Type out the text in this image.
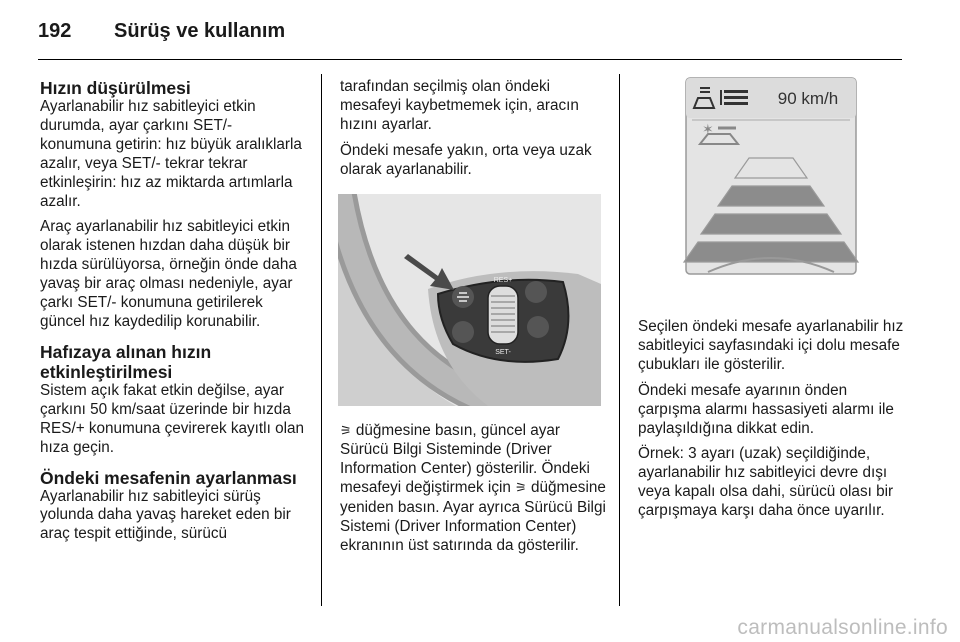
192	Sürüş ve kullanım
Hızın düşürülmesi

Ayarlanabilir hız sabitleyici etkin durumda, ayar çarkını SET/- konumuna getirin: hız büyük aralıklarla azalır, veya SET/- tekrar tekrar etkinleşirin: hız az miktarda artımlarla azalır.

Araç ayarlanabilir hız sabitleyici etkin olarak istenen hızdan daha düşük bir hızda sürülüyorsa, örneğin önde daha yavaş bir araç olması nedeniyle, ayar çarkı SET/- konumuna getirilerek güncel hız kaydedilip korunabilir.

Hafızaya alınan hızın etkinleştirilmesi

Sistem açık fakat etkin değilse, ayar çarkını 50 km/saat üzerinde bir hızda RES/+ konumuna çevirerek kayıtlı olan hıza geçin.

Öndeki mesafenin ayarlanması

Ayarlanabilir hız sabitleyici sürüş yolunda daha yavaş hareket eden bir araç tespit ettiğinde, sürücü

tarafından seçilmiş olan öndeki mesafeyi kaybetmemek için, aracın hızını ayarlar.

Öndeki mesafe yakın, orta veya uzak olarak ayarlanabilir.

RES+
SET-

⚞ düğmesine basın, güncel ayar Sürücü Bilgi Sisteminde (Driver Information Center) gösterilir. Öndeki mesafeyi değiştirmek için ⚞ düğmesine yeniden basın. Ayar ayrıca Sürücü Bilgi Sistemi (Driver Information Center) ekranının üst satırında da gösterilir.

90 km/h
✶

Seçilen öndeki mesafe ayarlanabilir hız sabitleyici sayfasındaki içi dolu mesafe çubukları ile gösterilir.

Öndeki mesafe ayarının önden çarpışma alarmı hassasiyeti alarmı ile paylaşıldığına dikkat edin.

Örnek: 3 ayarı (uzak) seçildiğinde, ayarlanabilir hız sabitleyici devre dışı veya kapalı olsa dahi, sürücü olası bir çarpışmaya karşı daha önce uyarılır.

carmanualsonline.info
